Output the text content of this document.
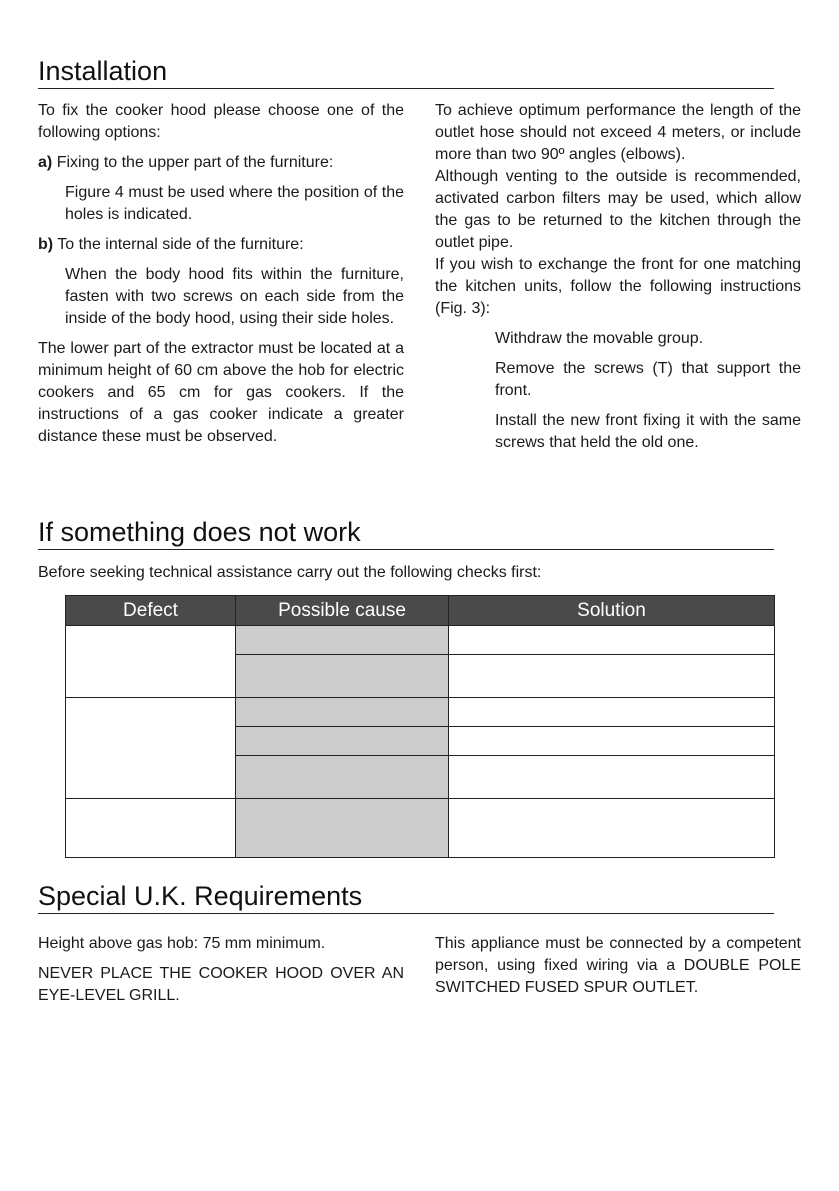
Installation

To fix the cooker hood please choose one of the following options:

a) Fixing to the upper part of the furniture:

Figure 4 must be used where the position of the holes is indicated.

b) To the internal side of the furniture:

When the body hood fits within the furniture, fasten with two screws on each side from the inside of the body hood, using their side holes.

The lower part of the extractor must be located at a minimum height of 60 cm above the hob for electric cookers and 65 cm for gas cookers. If the instructions of a gas cooker indicate a greater distance these must be observed.

To achieve optimum performance the length of the outlet hose should not exceed 4 meters, or include more than two 90º angles (elbows).

Although venting to the outside is recommended, activated carbon filters may be used, which allow the gas to be returned to the kitchen through the outlet pipe.

If you wish to exchange the front for one matching the kitchen units, follow the following instructions (Fig. 3):

Withdraw the movable group.

Remove the screws (T) that support the front.

Install the new front fixing it with the same screws that held the old one.

If something does not work
Before seeking technical assistance carry out the following checks first:
Defect	Possible cause	Solution

Special U.K. Requirements

Height above gas hob: 75 mm minimum.

NEVER PLACE THE COOKER HOOD OVER AN EYE-LEVEL GRILL.

This appliance must be connected by a competent person, using fixed wiring via a DOUBLE POLE SWITCHED FUSED SPUR OUTLET.
